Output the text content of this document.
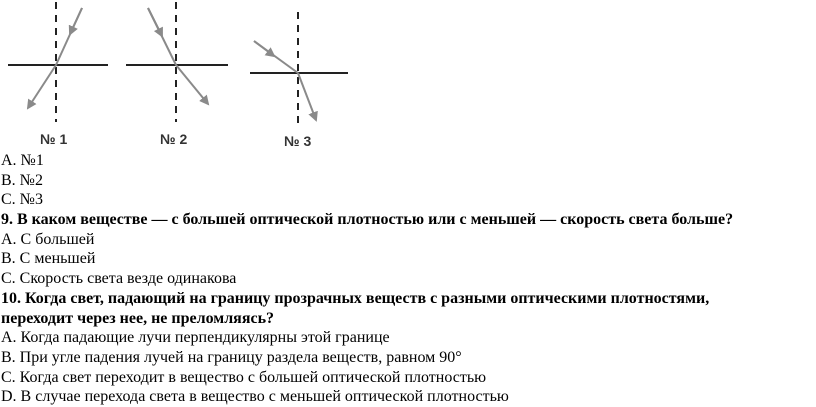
№ 1	№ 2	№ 3
A. №1
B. №2
C. №3
9. В каком веществе — с большей оптической плотностью или с меньшей — скорость света больше?
A. С большей
B. С меньшей
C. Скорость света везде одинакова
10. Когда свет, падающий на границу прозрачных веществ с разными оптическими плотностями,
переходит через нее, не преломляясь?
A. Когда падающие лучи перпендикулярны этой границе
B. При угле падения лучей на границу раздела веществ, равном 90°
C. Когда свет переходит в вещество с большей оптической плотностью
D. В случае перехода света в вещество с меньшей оптической плотностью
